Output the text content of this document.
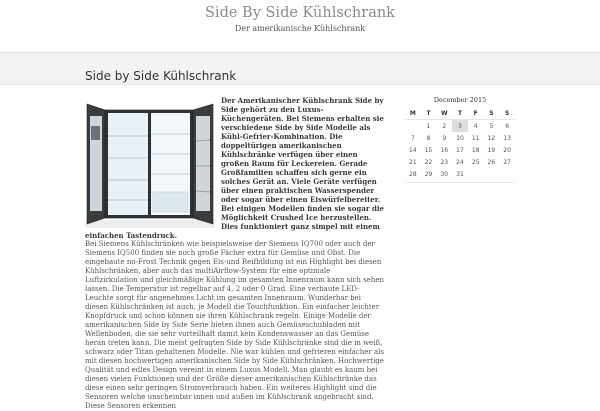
Side By Side Kühlschrank
Der amerikanische Kühlschrank
Side by Side Kühlschrank

Der Amerikanischer Kühlschrank Side by Side gehört zu den Luxus-Küchengeräten. Bei Siemens erhalten sie verschiedene Side by Side Modelle als Kühl-Gefrier-Kombination. Die doppeltürigen amerikanischen Kühlschränke verfügen über einen großen Raum für Leckereien. Gerade Großfamilien schaffen sich gerne ein solches Gerät an. Viele Geräte verfügen über einen praktischen Wasserspender oder sogar über einen Eiswürfelbereiter. Bei einigen Modellen finden sie sogar die Möglichkeit Crushed Ice herzustellen. Dies funktioniert ganz simpel mit einem einfachen Tastendruck.

Bei Siemens Kühlschränken wie beispielsweise der Siemens IQ700 oder auch der Siemens IQ500 finden sie noch große Fächer extra für Gemüse und Obst. Die eingebaute no-Frost Technik gegen Eis-und Reifbildung ist ein Highlight bei diesen Kühlschränken, aber auch das multiAirflow-System für eine optimale Luftzirkulation und gleichmäßige Kühlung im gesamten Innenraum kann sich sehen lassen. Die Temperatur ist regelbar auf 4, 2 oder 0 Grad. Eine verbaute LED-Leuchte sorgt für angenehmes Licht im gesamten Innenraum. Wunderbar bei diesen Kühlschränken ist auch, je Modell die Touchfunktion. Ein einfacher leichter Knopfdruck und schon können sie ihren Kühlschrank regeln. Einige Modelle der amerikanischen Side by Side Serie bieten ihnen auch Gemüseschubladen mit Wellenboden, die sie sehr vorteilhaft damit kein Kondenswasser an das Gemüse heran treten kann. Die meist gefragten Side by Side Kühlschränke sind die in weiß, schwarz oder Titan gehaltenen Modelle. Nie war kühlen und gefrieren einfacher als mit diesen hochwertigen amerikanischen Side by Side Kühlschränken. Hochwertige Qualität und edles Design vereint in einem Luxus Modell. Man glaubt es kaum bei diesen vielen Funktionen und der Größe dieser amerikanischen Kühlschränke das diese einen sehr geringen Stromverbrauch haben. Ein weiteres Highlight sind die Sensoren welche unscheinbar innen und außen im Kühlschrank angebracht sind. Diese Sensoren erkennen

December 2015
M	T	W	T	F	S	S
	1	2	3	4	5	6
7	8	9	10	11	12	13
14	15	16	17	18	19	20
21	22	23	24	25	26	27
28	29	30	31			
